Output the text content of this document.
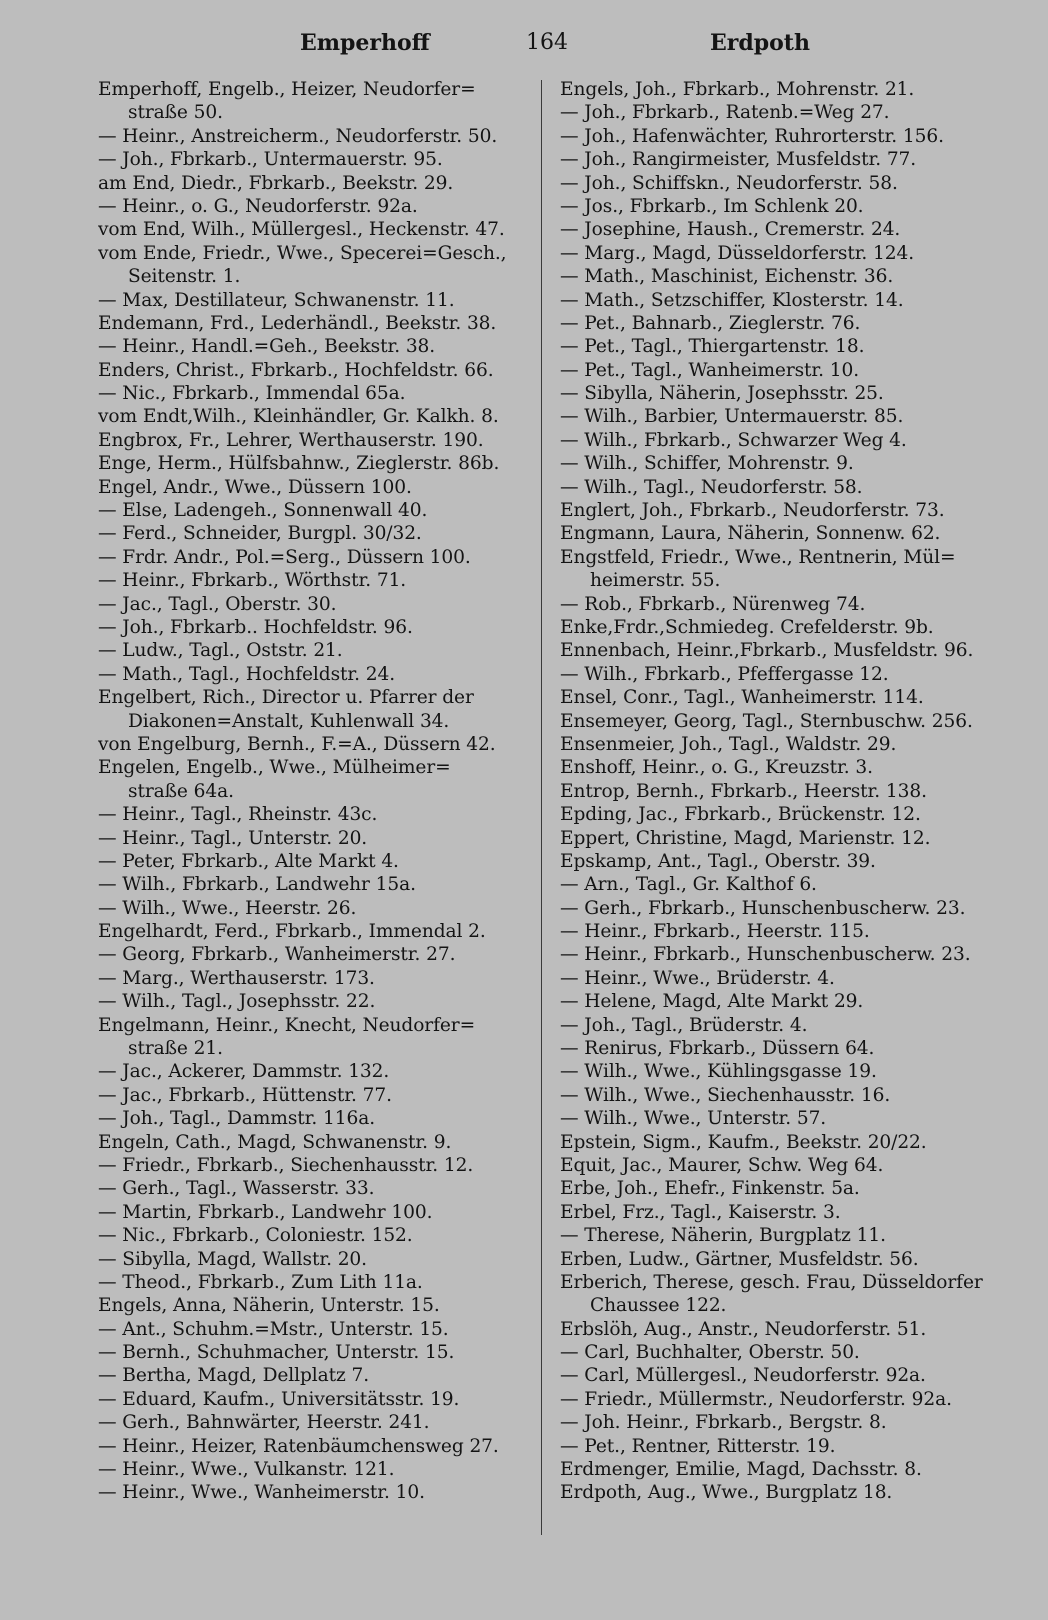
Emperhoff	164	Erdpoth
Emperhoff, Engelb., Heizer, Neudorfer=
straße 50.
— Heinr., Anstreicherm., Neudorferstr. 50.
— Joh., Fbrkarb., Untermauerstr. 95.
am End, Diedr., Fbrkarb., Beekstr. 29.
— Heinr., o. G., Neudorferstr. 92a.
vom End, Wilh., Müllergesl., Heckenstr. 47.
vom Ende, Friedr., Wwe., Specerei=Gesch.,
Seitenstr. 1.
— Max, Destillateur, Schwanenstr. 11.
Endemann, Frd., Lederhändl., Beekstr. 38.
— Heinr., Handl.=Geh., Beekstr. 38.
Enders, Christ., Fbrkarb., Hochfeldstr. 66.
— Nic., Fbrkarb., Immendal 65a.
vom Endt,Wilh., Kleinhändler, Gr. Kalkh. 8.
Engbrox, Fr., Lehrer, Werthauserstr. 190.
Enge, Herm., Hülfsbahnw., Zieglerstr. 86b.
Engel, Andr., Wwe., Düssern 100.
— Else, Ladengeh., Sonnenwall 40.
— Ferd., Schneider, Burgpl. 30/32.
— Frdr. Andr., Pol.=Serg., Düssern 100.
— Heinr., Fbrkarb., Wörthstr. 71.
— Jac., Tagl., Oberstr. 30.
— Joh., Fbrkarb.. Hochfeldstr. 96.
— Ludw., Tagl., Oststr. 21.
— Math., Tagl., Hochfeldstr. 24.
Engelbert, Rich., Director u. Pfarrer der
Diakonen=Anstalt, Kuhlenwall 34.
von Engelburg, Bernh., F.=A., Düssern 42.
Engelen, Engelb., Wwe., Mülheimer=
straße 64a.
— Heinr., Tagl., Rheinstr. 43c.
— Heinr., Tagl., Unterstr. 20.
— Peter, Fbrkarb., Alte Markt 4.
— Wilh., Fbrkarb., Landwehr 15a.
— Wilh., Wwe., Heerstr. 26.
Engelhardt, Ferd., Fbrkarb., Immendal 2.
— Georg, Fbrkarb., Wanheimerstr. 27.
— Marg., Werthauserstr. 173.
— Wilh., Tagl., Josephsstr. 22.
Engelmann, Heinr., Knecht, Neudorfer=
straße 21.
— Jac., Ackerer, Dammstr. 132.
— Jac., Fbrkarb., Hüttenstr. 77.
— Joh., Tagl., Dammstr. 116a.
Engeln, Cath., Magd, Schwanenstr. 9.
— Friedr., Fbrkarb., Siechenhausstr. 12.
— Gerh., Tagl., Wasserstr. 33.
— Martin, Fbrkarb., Landwehr 100.
— Nic., Fbrkarb., Coloniestr. 152.
— Sibylla, Magd, Wallstr. 20.
— Theod., Fbrkarb., Zum Lith 11a.
Engels, Anna, Näherin, Unterstr. 15.
— Ant., Schuhm.=Mstr., Unterstr. 15.
— Bernh., Schuhmacher, Unterstr. 15.
— Bertha, Magd, Dellplatz 7.
— Eduard, Kaufm., Universitätsstr. 19.
— Gerh., Bahnwärter, Heerstr. 241.
— Heinr., Heizer, Ratenbäumchensweg 27.
— Heinr., Wwe., Vulkanstr. 121.
— Heinr., Wwe., Wanheimerstr. 10.
Engels, Joh., Fbrkarb., Mohrenstr. 21.
— Joh., Fbrkarb., Ratenb.=Weg 27.
— Joh., Hafenwächter, Ruhrorterstr. 156.
— Joh., Rangirmeister, Musfeldstr. 77.
— Joh., Schiffskn., Neudorferstr. 58.
— Jos., Fbrkarb., Im Schlenk 20.
— Josephine, Haush., Cremerstr. 24.
— Marg., Magd, Düsseldorferstr. 124.
— Math., Maschinist, Eichenstr. 36.
— Math., Setzschiffer, Klosterstr. 14.
— Pet., Bahnarb., Zieglerstr. 76.
— Pet., Tagl., Thiergartenstr. 18.
— Pet., Tagl., Wanheimerstr. 10.
— Sibylla, Näherin, Josephsstr. 25.
— Wilh., Barbier, Untermauerstr. 85.
— Wilh., Fbrkarb., Schwarzer Weg 4.
— Wilh., Schiffer, Mohrenstr. 9.
— Wilh., Tagl., Neudorferstr. 58.
Englert, Joh., Fbrkarb., Neudorferstr. 73.
Engmann, Laura, Näherin, Sonnenw. 62.
Engstfeld, Friedr., Wwe., Rentnerin, Mül=
heimerstr. 55.
— Rob., Fbrkarb., Nürenweg 74.
Enke,Frdr.,Schmiedeg. Crefelderstr. 9b.
Ennenbach, Heinr.,Fbrkarb., Musfeldstr. 96.
— Wilh., Fbrkarb., Pfeffergasse 12.
Ensel, Conr., Tagl., Wanheimerstr. 114.
Ensemeyer, Georg, Tagl., Sternbuschw. 256.
Ensenmeier, Joh., Tagl., Waldstr. 29.
Enshoff, Heinr., o. G., Kreuzstr. 3.
Entrop, Bernh., Fbrkarb., Heerstr. 138.
Epding, Jac., Fbrkarb., Brückenstr. 12.
Eppert, Christine, Magd, Marienstr. 12.
Epskamp, Ant., Tagl., Oberstr. 39.
— Arn., Tagl., Gr. Kalthof 6.
— Gerh., Fbrkarb., Hunschenbuscherw. 23.
— Heinr., Fbrkarb., Heerstr. 115.
— Heinr., Fbrkarb., Hunschenbuscherw. 23.
— Heinr., Wwe., Brüderstr. 4.
— Helene, Magd, Alte Markt 29.
— Joh., Tagl., Brüderstr. 4.
— Renirus, Fbrkarb., Düssern 64.
— Wilh., Wwe., Kühlingsgasse 19.
— Wilh., Wwe., Siechenhausstr. 16.
— Wilh., Wwe., Unterstr. 57.
Epstein, Sigm., Kaufm., Beekstr. 20/22.
Equit, Jac., Maurer, Schw. Weg 64.
Erbe, Joh., Ehefr., Finkenstr. 5a.
Erbel, Frz., Tagl., Kaiserstr. 3.
— Therese, Näherin, Burgplatz 11.
Erben, Ludw., Gärtner, Musfeldstr. 56.
Erberich, Therese, gesch. Frau, Düsseldorfer
Chaussee 122.
Erbslöh, Aug., Anstr., Neudorferstr. 51.
— Carl, Buchhalter, Oberstr. 50.
— Carl, Müllergesl., Neudorferstr. 92a.
— Friedr., Müllermstr., Neudorferstr. 92a.
— Joh. Heinr., Fbrkarb., Bergstr. 8.
— Pet., Rentner, Ritterstr. 19.
Erdmenger, Emilie, Magd, Dachsstr. 8.
Erdpoth, Aug., Wwe., Burgplatz 18.
